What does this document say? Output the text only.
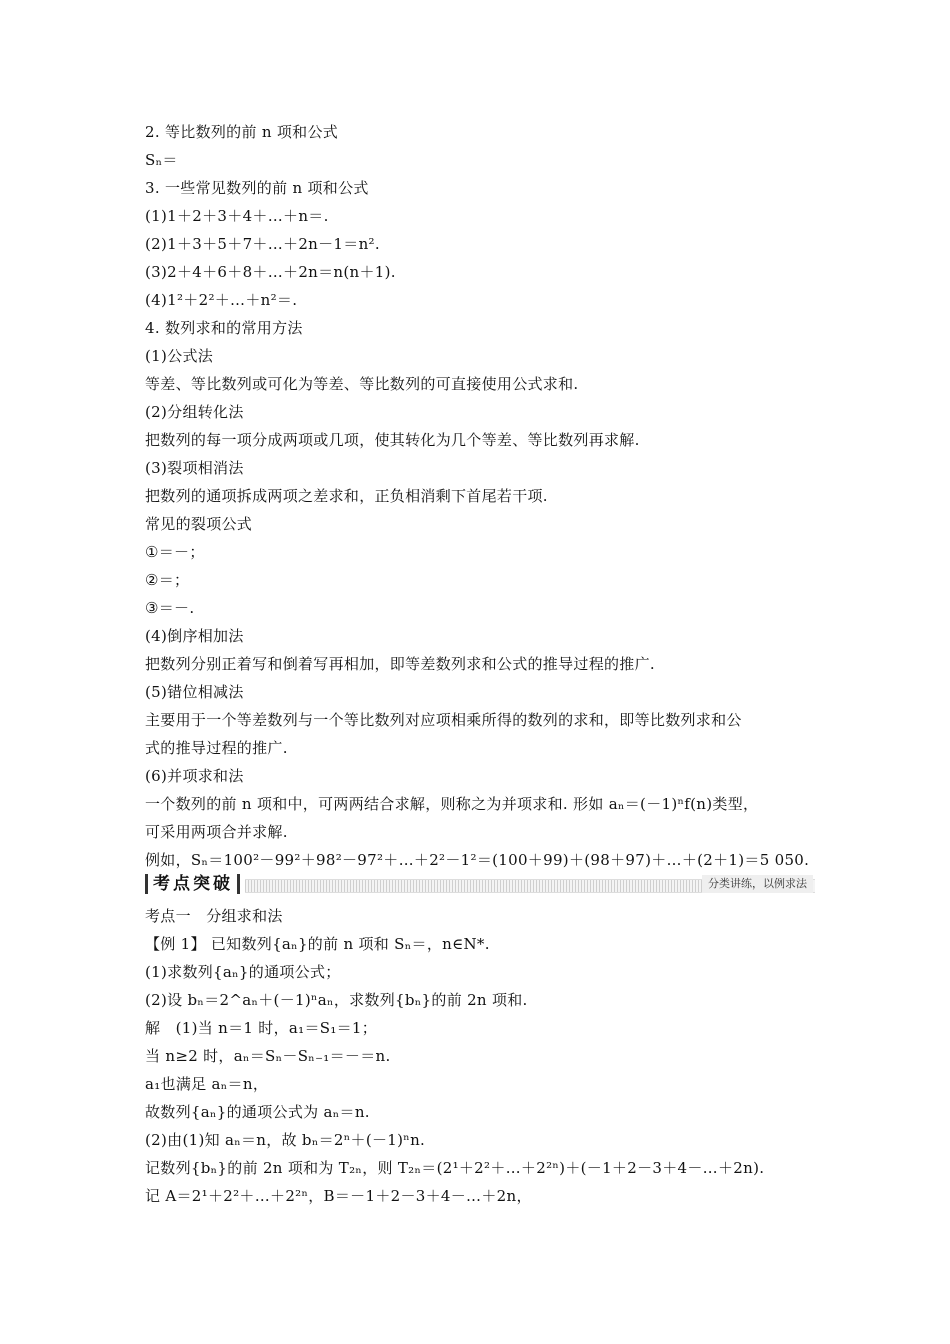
2. 等比数列的前 n 项和公式
Sₙ＝
3. 一些常见数列的前 n 项和公式
(1)1＋2＋3＋4＋…＋n＝.
(2)1＋3＋5＋7＋…＋2n－1＝n².
(3)2＋4＋6＋8＋…＋2n＝n(n＋1).
(4)1²＋2²＋…＋n²＝.
4. 数列求和的常用方法
(1)公式法
等差、等比数列或可化为等差、等比数列的可直接使用公式求和.
(2)分组转化法
把数列的每一项分成两项或几项，使其转化为几个等差、等比数列再求解.
(3)裂项相消法
把数列的通项拆成两项之差求和，正负相消剩下首尾若干项.
常见的裂项公式
①＝－；
②＝；
③＝－.
(4)倒序相加法
把数列分别正着写和倒着写再相加，即等差数列求和公式的推导过程的推广.
(5)错位相减法
主要用于一个等差数列与一个等比数列对应项相乘所得的数列的求和，即等比数列求和公
式的推导过程的推广.
(6)并项求和法
一个数列的前 n 项和中，可两两结合求解，则称之为并项求和. 形如 aₙ＝(－1)ⁿf(n)类型，
可采用两项合并求解.
例如，Sₙ＝100²－99²＋98²－97²＋…＋2²－1²＝(100＋99)＋(98＋97)＋…＋(2＋1)＝5 050.
考点突破	分类讲练，以例求法
考点一　分组求和法
【例 1】 已知数列{aₙ}的前 n 项和 Sₙ＝，n∈N*.
(1)求数列{aₙ}的通项公式；
(2)设 bₙ＝2^aₙ＋(－1)ⁿaₙ，求数列{bₙ}的前 2n 项和.
解　(1)当 n＝1 时，a₁＝S₁＝1；
当 n≥2 时，aₙ＝Sₙ－Sₙ₋₁＝－＝n.
a₁也满足 aₙ＝n，
故数列{aₙ}的通项公式为 aₙ＝n.
(2)由(1)知 aₙ＝n，故 bₙ＝2ⁿ＋(－1)ⁿn.
记数列{bₙ}的前 2n 项和为 T₂ₙ，则 T₂ₙ＝(2¹＋2²＋…＋2²ⁿ)＋(－1＋2－3＋4－…＋2n).
记 A＝2¹＋2²＋…＋2²ⁿ，B＝－1＋2－3＋4－…＋2n，
